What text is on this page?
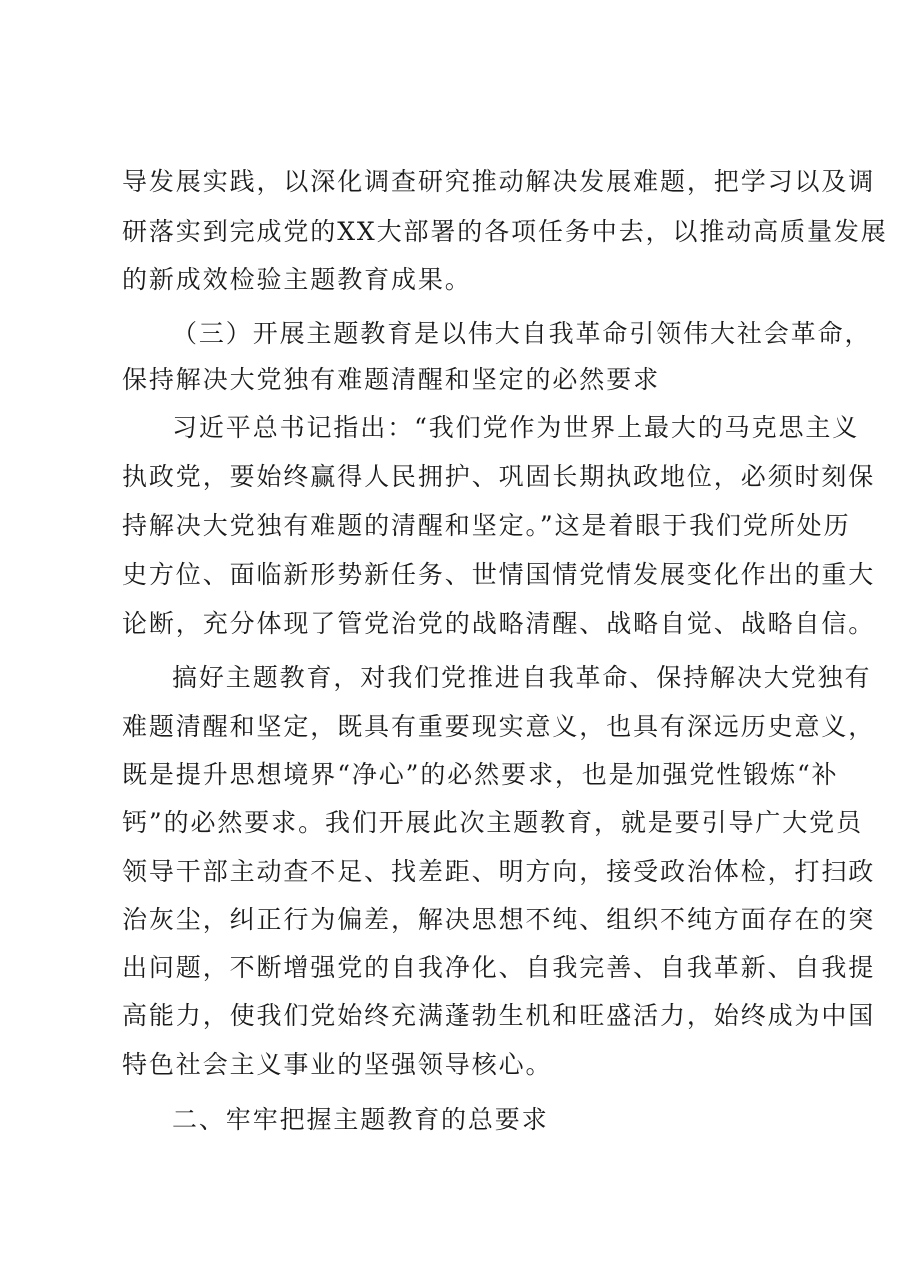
导发展实践，以深化调查研究推动解决发展难题，把学习以及调
研落实到完成党的XX大部署的各项任务中去，以推动高质量发展
的新成效检验主题教育成果。
（三）开展主题教育是以伟大自我革命引领伟大社会革命，
保持解决大党独有难题清醒和坚定的必然要求
习近平总书记指出：“我们党作为世界上最大的马克思主义
执政党，要始终赢得人民拥护、巩固长期执政地位，必须时刻保
持解决大党独有难题的清醒和坚定。”这是着眼于我们党所处历
史方位、面临新形势新任务、世情国情党情发展变化作出的重大
论断，充分体现了管党治党的战略清醒、战略自觉、战略自信。
搞好主题教育，对我们党推进自我革命、保持解决大党独有
难题清醒和坚定，既具有重要现实意义，也具有深远历史意义，
既是提升思想境界“净心”的必然要求，也是加强党性锻炼“补
钙”的必然要求。我们开展此次主题教育，就是要引导广大党员
领导干部主动查不足、找差距、明方向，接受政治体检，打扫政
治灰尘，纠正行为偏差，解决思想不纯、组织不纯方面存在的突
出问题，不断增强党的自我净化、自我完善、自我革新、自我提
高能力，使我们党始终充满蓬勃生机和旺盛活力，始终成为中国
特色社会主义事业的坚强领导核心。
二、牢牢把握主题教育的总要求
